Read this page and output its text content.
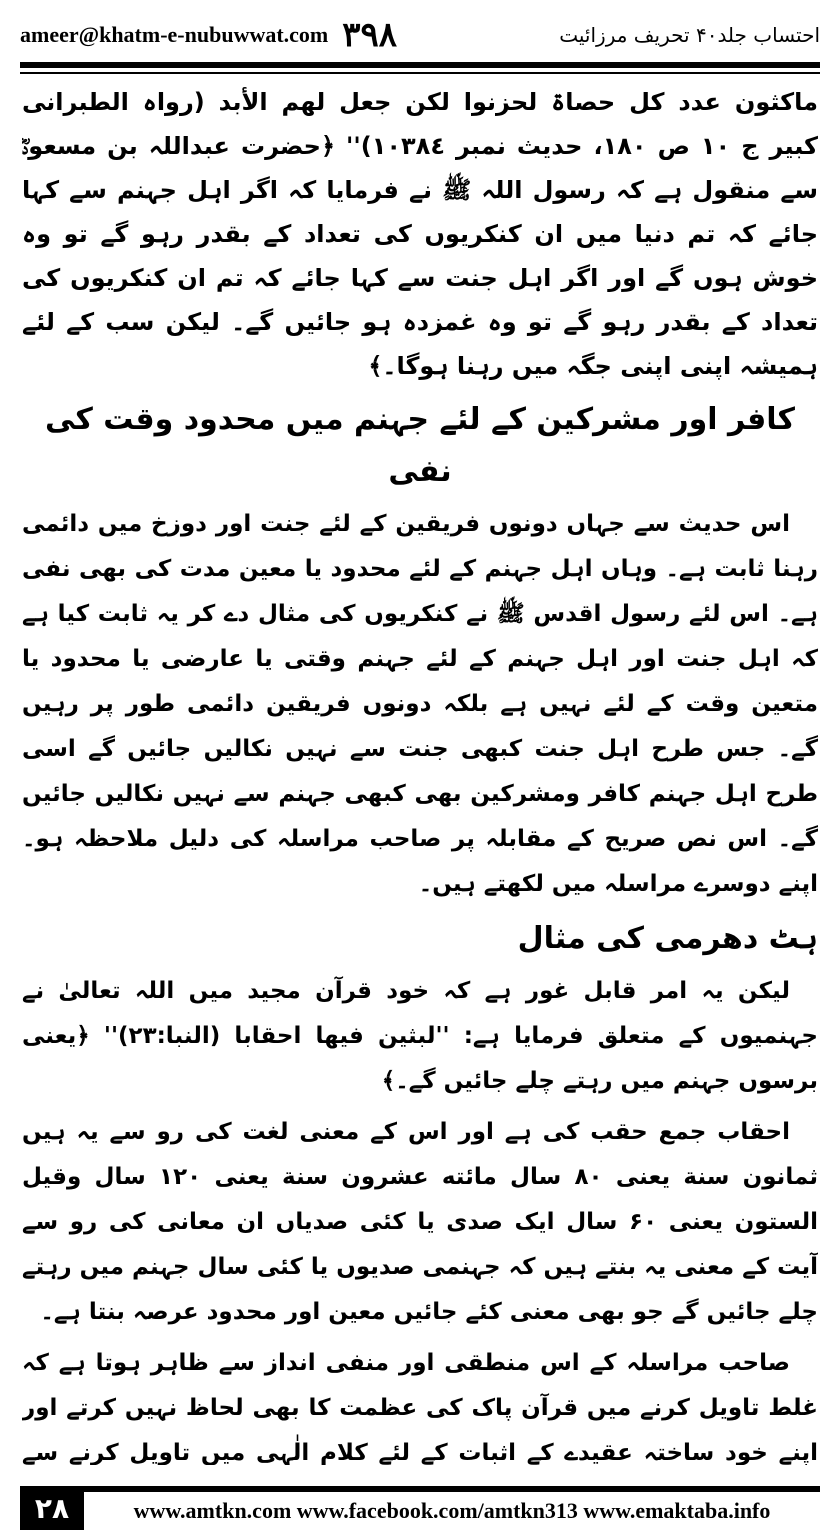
ameer@khatm-e-nubuwwat.com ۳۹۸	احتساب جلد۴۰ تحریف مرزائیت

ماکثون عدد کل حصاۃ لحزنوا لکن جعل لهم الأبد (رواہ الطبرانی کبیر ج ۱۰ ص ۱۸۰، حدیث نمبر ۱۰۳۸٤)'' ﴿حضرت عبداللہ بن مسعودؓ سے منقول ہے کہ رسول اللہ ﷺ نے فرمایا کہ اگر اہل جہنم سے کہا جائے کہ تم دنیا میں ان کنکریوں کی تعداد کے بقدر رہو گے تو وہ خوش ہوں گے اور اگر اہل جنت سے کہا جائے کہ تم ان کنکریوں کی تعداد کے بقدر رہو گے تو وہ غمزدہ ہو جائیں گے۔ لیکن سب کے لئے ہمیشہ اپنی اپنی جگہ میں رہنا ہوگا۔﴾

کافر اور مشرکین کے لئے جہنم میں محدود وقت کی نفی

اس حدیث سے جہاں دونوں فریقین کے لئے جنت اور دوزخ میں دائمی رہنا ثابت ہے۔ وہاں اہل جہنم کے لئے محدود یا معین مدت کی بھی نفی ہے۔ اس لئے رسول اقدس ﷺ نے کنکریوں کی مثال دے کر یہ ثابت کیا ہے کہ اہل جنت اور اہل جہنم کے لئے جہنم وقتی یا عارضی یا محدود یا متعین وقت کے لئے نہیں ہے بلکہ دونوں فریقین دائمی طور پر رہیں گے۔ جس طرح اہل جنت کبھی جنت سے نہیں نکالیں جائیں گے اسی طرح اہل جہنم کافر ومشرکین بھی کبھی جہنم سے نہیں نکالیں جائیں گے۔ اس نص صریح کے مقابلہ پر صاحب مراسلہ کی دلیل ملاحظہ ہو۔ اپنے دوسرے مراسلہ میں لکھتے ہیں۔

ہٹ دھرمی کی مثال

لیکن یہ امر قابل غور ہے کہ خود قرآن مجید میں اللہ تعالیٰ نے جہنمیوں کے متعلق فرمایا ہے: ''لبثین فیها احقابا (النبا:۲۳)'' ﴿یعنی برسوں جہنم میں رہتے چلے جائیں گے۔﴾

احقاب جمع حقب کی ہے اور اس کے معنی لغت کی رو سے یہ ہیں ثمانون سنة یعنی ۸۰ سال مائته عشرون سنة یعنی ۱۲۰ سال وقیل الستون یعنی ۶۰ سال ایک صدی یا کئی صدیاں ان معانی کی رو سے آیت کے معنی یہ بنتے ہیں کہ جہنمی صدیوں یا کئی سال جہنم میں رہتے چلے جائیں گے جو بھی معنی کئے جائیں معین اور محدود عرصہ بنتا ہے۔

صاحب مراسلہ کے اس منطقی اور منفی انداز سے ظاہر ہوتا ہے کہ غلط تاویل کرنے میں قرآن پاک کی عظمت کا بھی لحاظ نہیں کرتے اور اپنے خود ساختہ عقیدے کے اثبات کے لئے کلام الٰہی میں تاویل کرنے سے

۲۸	www.amtkn.com www.facebook.com/amtkn313 www.emaktaba.info
